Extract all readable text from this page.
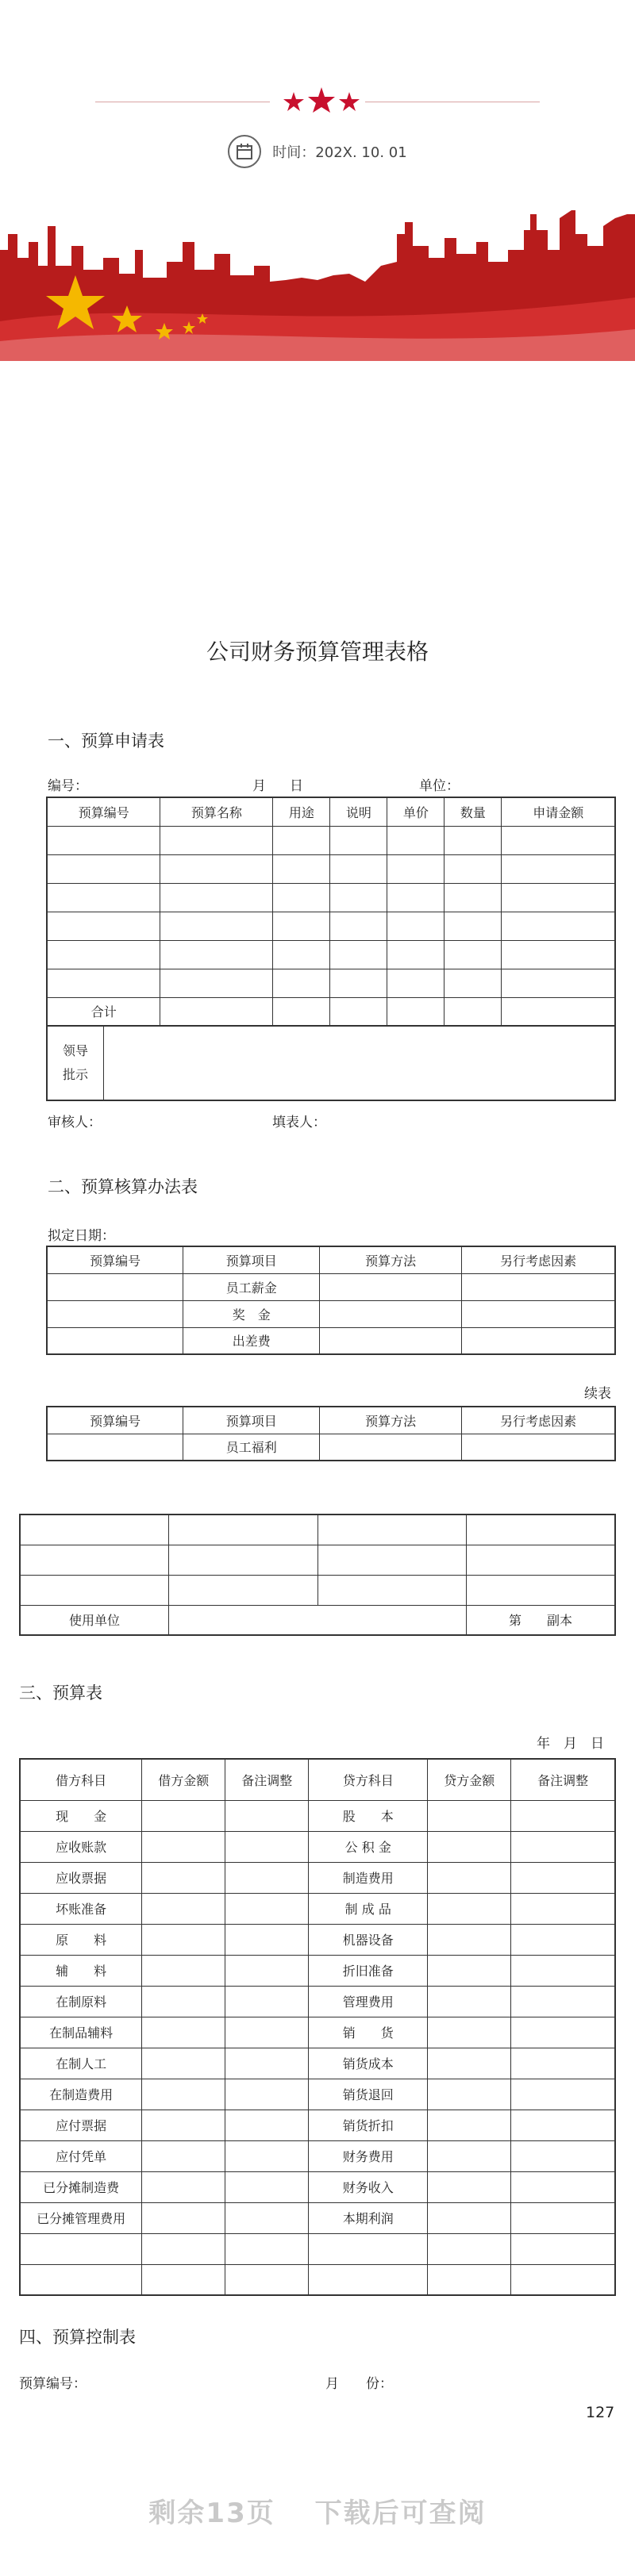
时间：202X. 10. 01
公司财务预算管理表格
一、预算申请表
编号：	月 日	单位：
预算编号	预算名称	用途	说明	单价	数量	申请金额

合计						
领导
批示	
审核人：	填表人：
二、预算核算办法表
拟定日期：
预算编号	预算项目	预算方法	另行考虑因素
	员工薪金		
	奖　金		
	出差费		
续表
预算编号	预算项目	预算方法	另行考虑因素
	员工福利		

使用单位			第　　副本
三、预算表
年　月　日
借方科目	借方金额	备注调整	贷方科目	贷方金额	备注调整
现　　金			股　　本		
应收账款			公 积 金		
应收票据			制造费用		
坏账准备			制 成 品		
原　　料			机器设备		
辅　　料			折旧准备		
在制原料			管理费用		
在制品辅料			销　　货		
在制人工			销货成本		
在制造费用			销货退回		
应付票据			销货折扣		
应付凭单			财务费用		
已分摊制造费			财务收入		
已分摊管理费用			本期利润		

四、预算控制表
预算编号：	月　　份：
127
剩余13页　 下载后可查阅
